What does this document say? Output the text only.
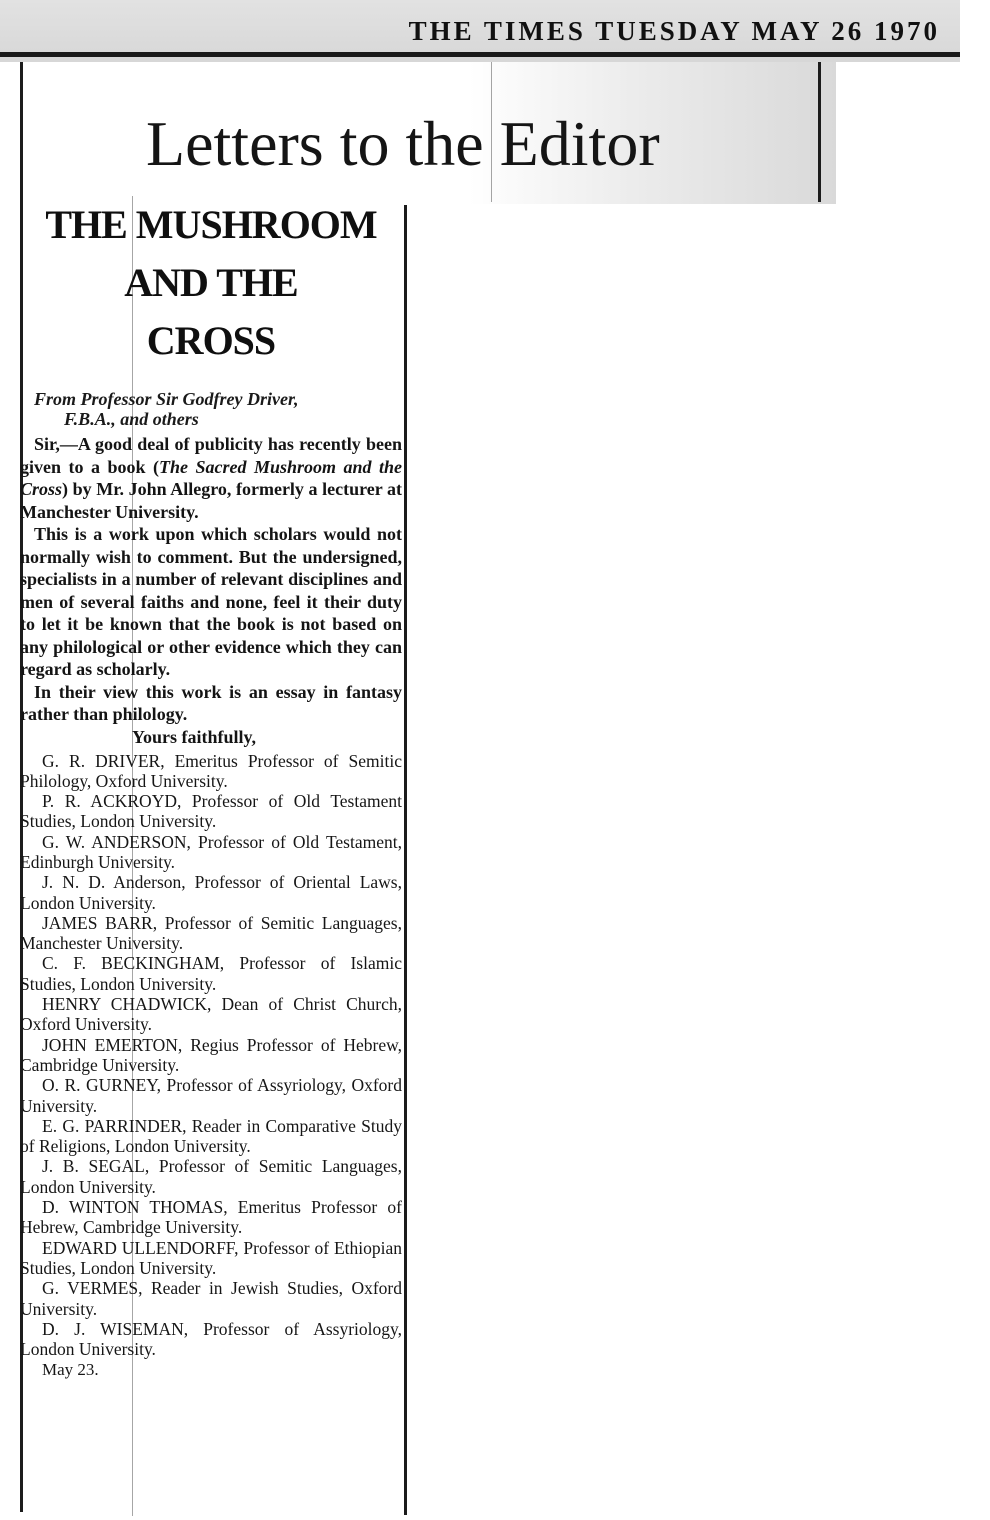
THE TIMES TUESDAY MAY 26 1970
Letters to the Editor
THE MUSHROOM
AND THE
CROSS
From Professor Sir Godfrey Driver,
F.B.A., and others

Sir,—A good deal of publicity has recently been given to a book (The Sacred Mushroom and the Cross) by Mr. John Allegro, formerly a lecturer at Manchester University.

This is a work upon which scholars would not normally wish to comment. But the undersigned, specialists in a number of relevant disciplines and men of several faiths and none, feel it their duty to let it be known that the book is not based on any philological or other evidence which they can regard as scholarly.

In their view this work is an essay in fantasy rather than philology.

Yours faithfully,

G. R. DRIVER, Emeritus Professor of Semitic Philology, Oxford University.

P. R. ACKROYD, Professor of Old Testament Studies, London University.

G. W. ANDERSON, Professor of Old Testament, Edinburgh University.

J. N. D. Anderson, Professor of Oriental Laws, London University.

JAMES BARR, Professor of Semitic Languages, Manchester University.

C. F. BECKINGHAM, Professor of Islamic Studies, London University.

HENRY CHADWICK, Dean of Christ Church, Oxford University.

JOHN EMERTON, Regius Professor of Hebrew, Cambridge University.

O. R. GURNEY, Professor of Assyriology, Oxford University.

E. G. PARRINDER, Reader in Comparative Study of Religions, London University.

J. B. SEGAL, Professor of Semitic Languages, London University.

D. WINTON THOMAS, Emeritus Professor of Hebrew, Cambridge University.

EDWARD ULLENDORFF, Professor of Ethiopian Studies, London University.

G. VERMES, Reader in Jewish Studies, Oxford University.

D. J. WISEMAN, Professor of Assyriology, London University.

May 23.
